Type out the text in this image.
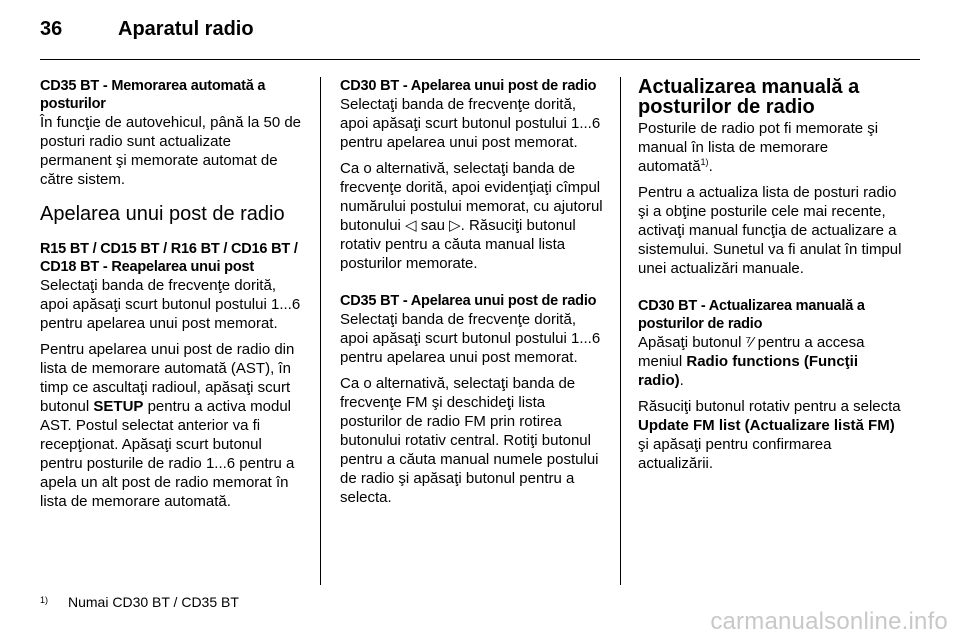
36	Aparatul radio
CD35 BT - Memorarea automată a posturilor

În funcţie de autovehicul, până la 50 de posturi radio sunt actualizate permanent şi memorate automat de către sistem.

Apelarea unui post de radio
R15 BT / CD15 BT / R16 BT / CD16 BT / CD18 BT - Reapelarea unui post

Selectaţi banda de frecvenţe dorită, apoi apăsaţi scurt butonul postului 1...6 pentru apelarea unui post memorat.

Pentru apelarea unui post de radio din lista de memorare automată (AST), în timp ce ascultaţi radioul, apăsaţi scurt butonul SETUP pentru a activa modul AST. Postul selectat anterior va fi recepţionat. Apăsaţi scurt butonul pentru posturile de radio 1...6 pentru a apela un alt post de radio memorat în lista de memorare automată.

CD30 BT - Apelarea unui post de radio

Selectaţi banda de frecvenţe dorită, apoi apăsaţi scurt butonul postului 1...6 pentru apelarea unui post memorat.

Ca o alternativă, selectaţi banda de frecvenţe dorită, apoi evidenţiaţi cîmpul numărului postului memorat, cu ajutorul butonului ◁ sau ▷. Răsuciţi butonul rotativ pentru a căuta manual lista posturilor memorate.

CD35 BT - Apelarea unui post de radio

Selectaţi banda de frecvenţe dorită, apoi apăsaţi scurt butonul postului 1...6 pentru apelarea unui post memorat.

Ca o alternativă, selectaţi banda de frecvenţe FM şi deschideţi lista posturilor de radio FM prin rotirea butonului rotativ central. Rotiţi butonul pentru a căuta manual numele postului de radio şi apăsaţi butonul pentru a selecta.

Actualizarea manuală a posturilor de radio

Posturile de radio pot fi memorate şi manual în lista de memorare automată$^{1)}$.

Pentru a actualiza lista de posturi radio şi a obţine posturile cele mai recente, activaţi manual funcţia de actualizare a sistemului. Sunetul va fi anulat în timpul unei actualizări manuale.

CD30 BT - Actualizarea manuală a posturilor de radio

Apăsaţi butonul ⁷⁄ pentru a accesa meniul Radio functions (Funcţii radio).

Răsuciţi butonul rotativ pentru a selecta Update FM list (Actualizare listă FM) şi apăsaţi pentru confirmarea actualizării.

1)	Numai CD30 BT / CD35 BT
carmanualsonline.info
